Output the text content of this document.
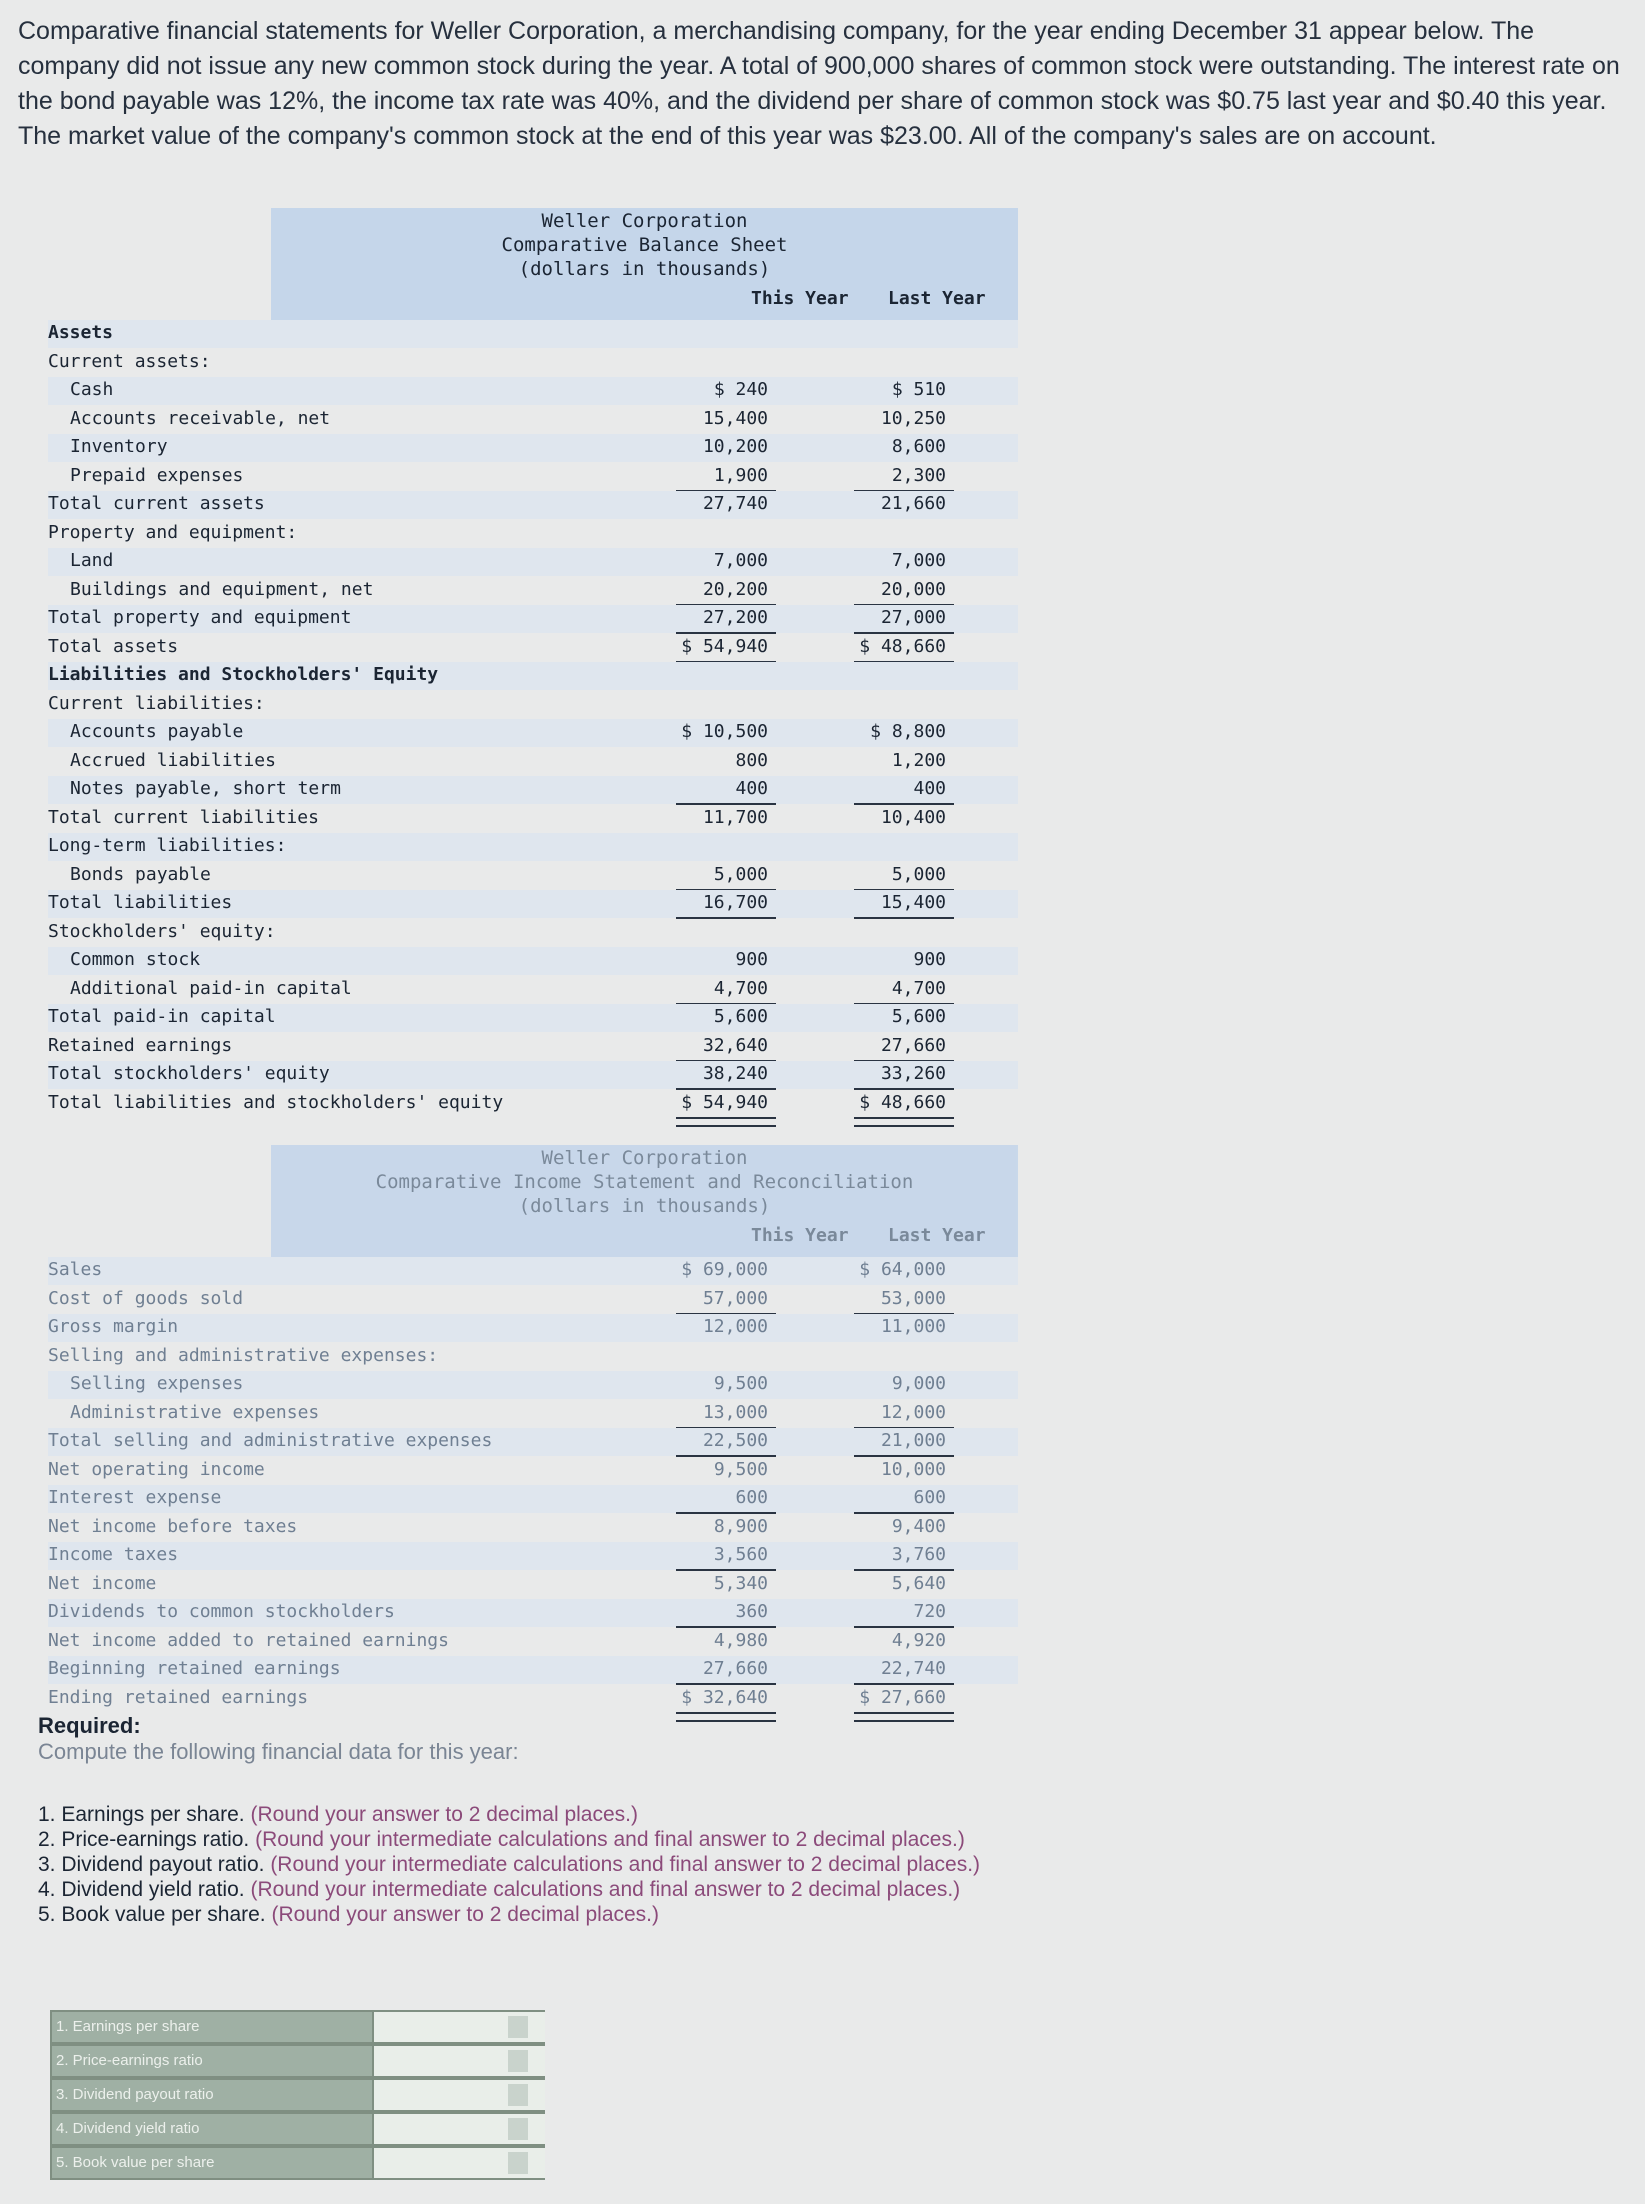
Comparative financial statements for Weller Corporation, a merchandising company, for the year ending December 31 appear below. The company did not issue any new common stock during the year. A total of 900,000 shares of common stock were outstanding. The interest rate on the bond payable was 12%, the income tax rate was 40%, and the dividend per share of common stock was $0.75 last year and $0.40 this year. The market value of the company's common stock at the end of this year was $23.00. All of the company's sales are on account.
Weller Corporation
Comparative Balance Sheet
(dollars in thousands)
This Year Last Year
Assets
Current assets:
Cash	$ 240	$ 510
Accounts receivable, net	15,400	10,250
Inventory	10,200	8,600
Prepaid expenses	1,900	2,300
Total current assets	27,740	21,660
Property and equipment:
Land	7,000	7,000
Buildings and equipment, net	20,200	20,000
Total property and equipment	27,200	27,000
Total assets	$ 54,940	$ 48,660
Liabilities and Stockholders' Equity
Current liabilities:
Accounts payable	$ 10,500	$ 8,800
Accrued liabilities	800	1,200
Notes payable, short term	400	400
Total current liabilities	11,700	10,400
Long-term liabilities:
Bonds payable	5,000	5,000
Total liabilities	16,700	15,400
Stockholders' equity:
Common stock	900	900
Additional paid-in capital	4,700	4,700
Total paid-in capital	5,600	5,600
Retained earnings	32,640	27,660
Total stockholders' equity	38,240	33,260
Total liabilities and stockholders' equity	$ 54,940	$ 48,660
Weller Corporation
Comparative Income Statement and Reconciliation
(dollars in thousands)
This Year Last Year
Sales	$ 69,000	$ 64,000
Cost of goods sold	57,000	53,000
Gross margin	12,000	11,000
Selling and administrative expenses:
Selling expenses	9,500	9,000
Administrative expenses	13,000	12,000
Total selling and administrative expenses	22,500	21,000
Net operating income	9,500	10,000
Interest expense	600	600
Net income before taxes	8,900	9,400
Income taxes	3,560	3,760
Net income	5,340	5,640
Dividends to common stockholders	360	720
Net income added to retained earnings	4,980	4,920
Beginning retained earnings	27,660	22,740
Ending retained earnings	$ 32,640	$ 27,660
Required:
Compute the following financial data for this year:
1. Earnings per share. (Round your answer to 2 decimal places.)
2. Price-earnings ratio. (Round your intermediate calculations and final answer to 2 decimal places.)
3. Dividend payout ratio. (Round your intermediate calculations and final answer to 2 decimal places.)
4. Dividend yield ratio. (Round your intermediate calculations and final answer to 2 decimal places.)
5. Book value per share. (Round your answer to 2 decimal places.)
1. Earnings per share
2. Price-earnings ratio
3. Dividend payout ratio
4. Dividend yield ratio
5. Book value per share
